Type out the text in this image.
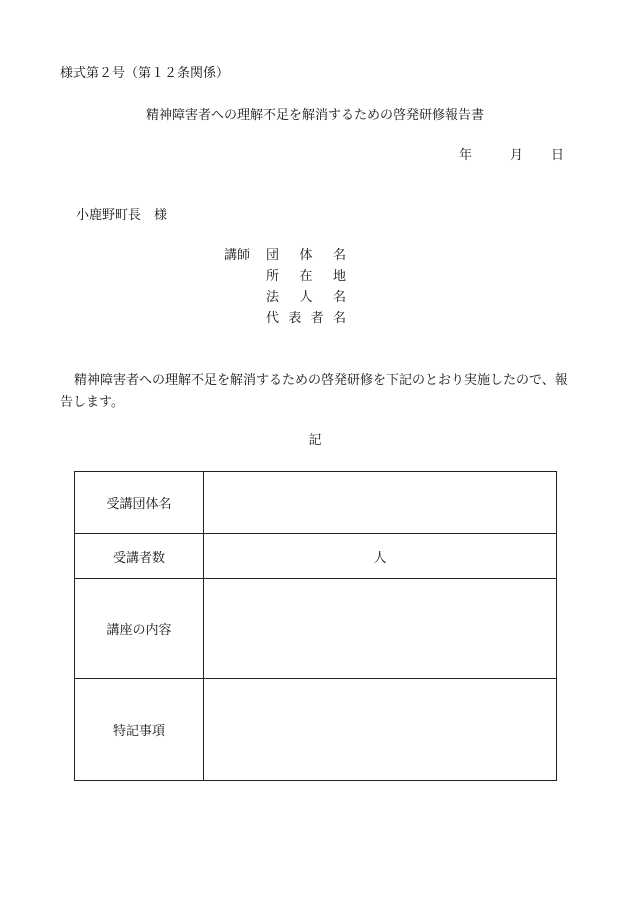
様式第２号（第１２条関係）
精神障害者への理解不足を解消するための啓発研修報告書
年	月 日
小鹿野町長　様
講師	団 体 名
所 在 地
法 人 名
代 表 者 名
精神障害者への理解不足を解消するための啓発研修を下記のとおり実施したので、報告します。
記
受講団体名	
受講者数	人
講座の内容	
特記事項	
